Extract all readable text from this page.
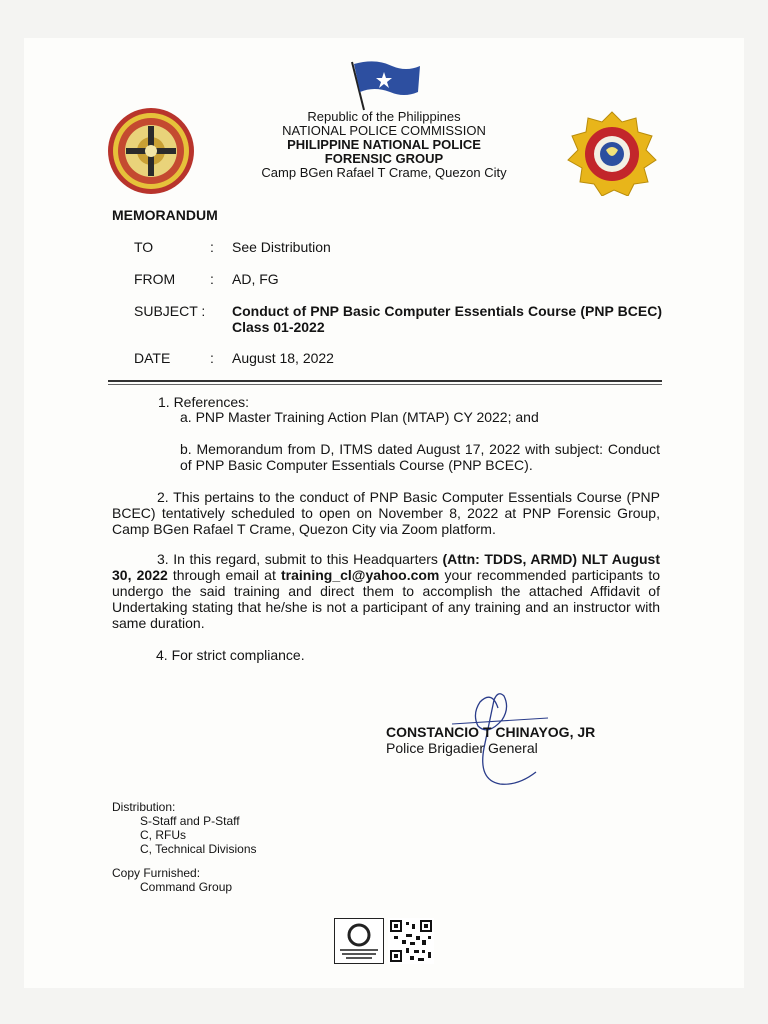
Republic of the Philippines
NATIONAL POLICE COMMISSION
PHILIPPINE NATIONAL POLICE
FORENSIC GROUP
Camp BGen Rafael T Crame, Quezon City
MEMORANDUM
TO	: See Distribution
FROM : AD, FG
SUBJECT : Conduct of PNP Basic Computer Essentials Course (PNP BCEC) Class 01-2022
DATE	: August 18, 2022
1. References:
a. PNP Master Training Action Plan (MTAP) CY 2022; and
b. Memorandum from D, ITMS dated August 17, 2022 with subject: Conduct of PNP Basic Computer Essentials Course (PNP BCEC).
2. This pertains to the conduct of PNP Basic Computer Essentials Course (PNP BCEC) tentatively scheduled to open on November 8, 2022 at PNP Forensic Group, Camp BGen Rafael T Crame, Quezon City via Zoom platform.
3. In this regard, submit to this Headquarters (Attn: TDDS, ARMD) NLT August 30, 2022 through email at training_cl@yahoo.com your recommended participants to undergo the said training and direct them to accomplish the attached Affidavit of Undertaking stating that he/she is not a participant of any training and an instructor with same duration.
4. For strict compliance.
CONSTANCIO T CHINAYOG, JR
Police Brigadier General
Distribution:
S-Staff and P-Staff
C, RFUs
C, Technical Divisions
Copy Furnished:
Command Group
